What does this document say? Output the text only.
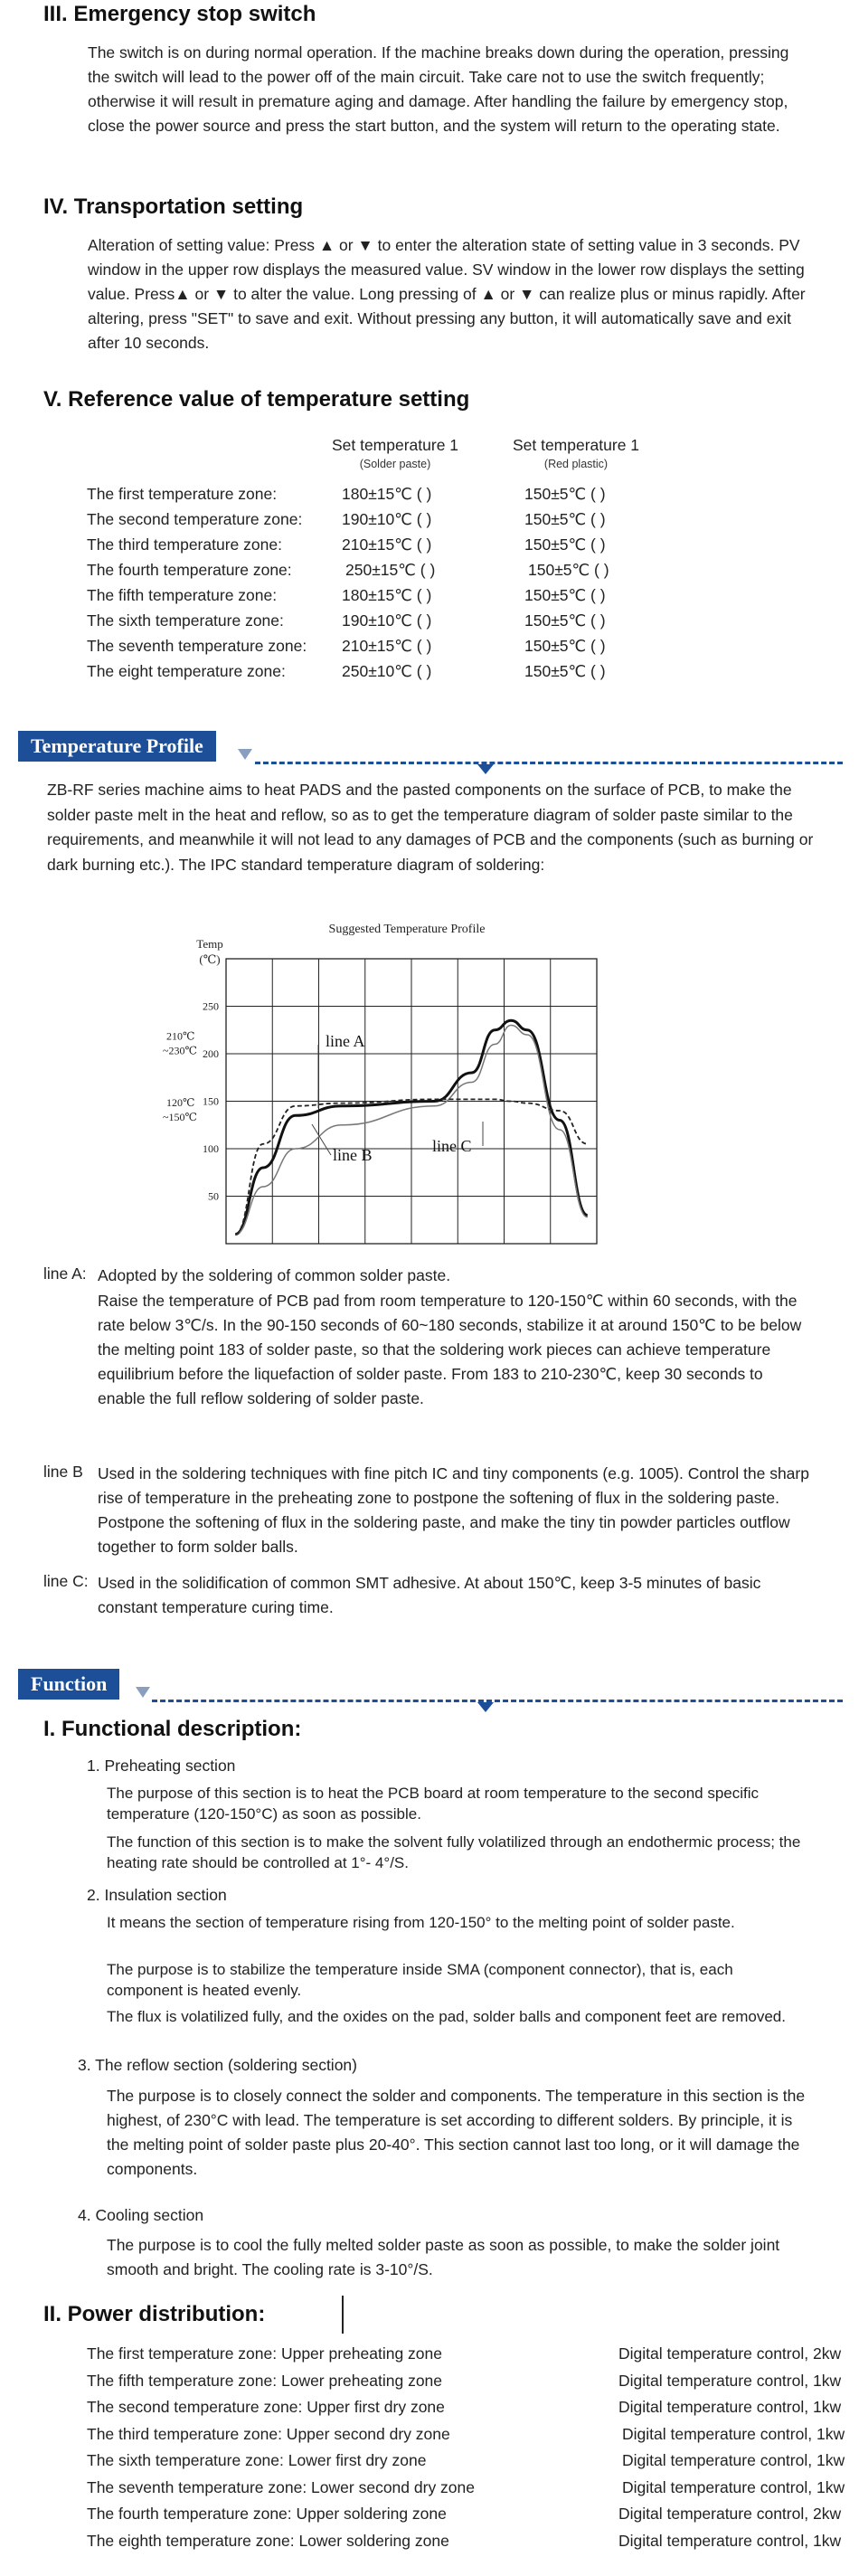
III. Emergency stop switch

The switch is on during normal operation. If the machine breaks down during the operation, pressing the switch will lead to the power off of the main circuit. Take care not to use the switch frequently; otherwise it will result in premature aging and damage. After handling the failure by emergency stop, close the power source and press the start button, and the system will return to the operating state.

IV. Transportation setting

Alteration of setting value: Press ▲ or ▼ to enter the alteration state of setting value in 3 seconds. PV window in the upper row displays the measured value. SV window in the lower row displays the setting value. Press▲ or ▼ to alter the value. Long pressing of ▲ or ▼ can realize plus or minus rapidly. After altering, press "SET" to save and exit. Without pressing any button, it will automatically save and exit after 10 seconds.

V. Reference value of temperature setting
Set temperature 1
(Solder paste)
Set temperature 1
(Red plastic)
The first temperature zone:	180±15℃ ( )	150±5℃ ( )
The second temperature zone: 190±10℃ ( )	150±5℃ ( )
The third temperature zone:	210±15℃ ( )	150±5℃ ( )
The fourth temperature zone:	250±15℃ ( )	150±5℃ ( )
The fifth temperature zone:	180±15℃ ( )	150±5℃ ( )
The sixth temperature zone:	190±10℃ ( )	150±5℃ ( )
The seventh temperature zone: 210±15℃ ( )	150±5℃ ( )
The eight temperature zone:	250±10℃ ( )	150±5℃ ( )
Temperature Profile

ZB-RF series machine aims to heat PADS and the pasted components on the surface of PCB, to make the solder paste melt in the heat and reflow, so as to get the temperature diagram of solder paste similar to the requirements, and meanwhile it will not lead to any damages of PCB and the components (such as burning or dark burning etc.). The IPC standard temperature diagram of soldering:

Suggested Temperature Profile
Temp (℃)
250
200
150
100
50
210℃
~230℃
120℃
~150℃
line A
line B	line C
line A: Adopted by the soldering of common solder paste.
Raise the temperature of PCB pad from room temperature to 120-150℃ within 60 seconds, with the rate below 3℃/s. In the 90-150 seconds of 60~180 seconds, stabilize it at around 150℃ to be below the melting point 183 of solder paste, so that the soldering work pieces can achieve temperature equilibrium before the liquefaction of solder paste. From 183 to 210-230℃, keep 30 seconds to enable the full reflow soldering of solder paste.
line B Used in the soldering techniques with fine pitch IC and tiny components (e.g. 1005). Control the sharp rise of temperature in the preheating zone to postpone the softening of flux in the soldering paste. Postpone the softening of flux in the soldering paste, and make the tiny tin powder particles outflow together to form solder balls.
line C: Used in the solidification of common SMT adhesive. At about 150℃, keep 3-5 minutes of basic constant temperature curing time.
Function
I. Functional description:
1. Preheating section
The purpose of this section is to heat the PCB board at room temperature to the second specific temperature (120-150°C) as soon as possible.
The function of this section is to make the solvent fully volatilized through an endothermic process; the heating rate should be controlled at 1°- 4°/S.
2. Insulation section
It means the section of temperature rising from 120-150° to the melting point of solder paste.
The purpose is to stabilize the temperature inside SMA (component connector), that is, each component is heated evenly.
The flux is volatilized fully, and the oxides on the pad, solder balls and component feet are removed.
3. The reflow section (soldering section)
The purpose is to closely connect the solder and components. The temperature in this section is the highest, of 230°C with lead. The temperature is set according to different solders. By principle, it is the melting point of solder paste plus 20-40°. This section cannot last too long, or it will damage the components.
4. Cooling section
The purpose is to cool the fully melted solder paste as soon as possible, to make the solder joint smooth and bright. The cooling rate is 3-10°/S.
II. Power distribution:
The first temperature zone: Upper preheating zone	Digital temperature control, 2kw
The fifth temperature zone: Lower preheating zone	Digital temperature control, 1kw
The second temperature zone: Upper first dry zone	Digital temperature control, 1kw
The third temperature zone: Upper second dry zone	Digital temperature control, 1kw
The sixth temperature zone: Lower first dry zone	Digital temperature control, 1kw
The seventh temperature zone: Lower second dry zone	Digital temperature control, 1kw
The fourth temperature zone: Upper soldering zone	Digital temperature control, 2kw
The eighth temperature zone: Lower soldering zone	Digital temperature control, 1kw
